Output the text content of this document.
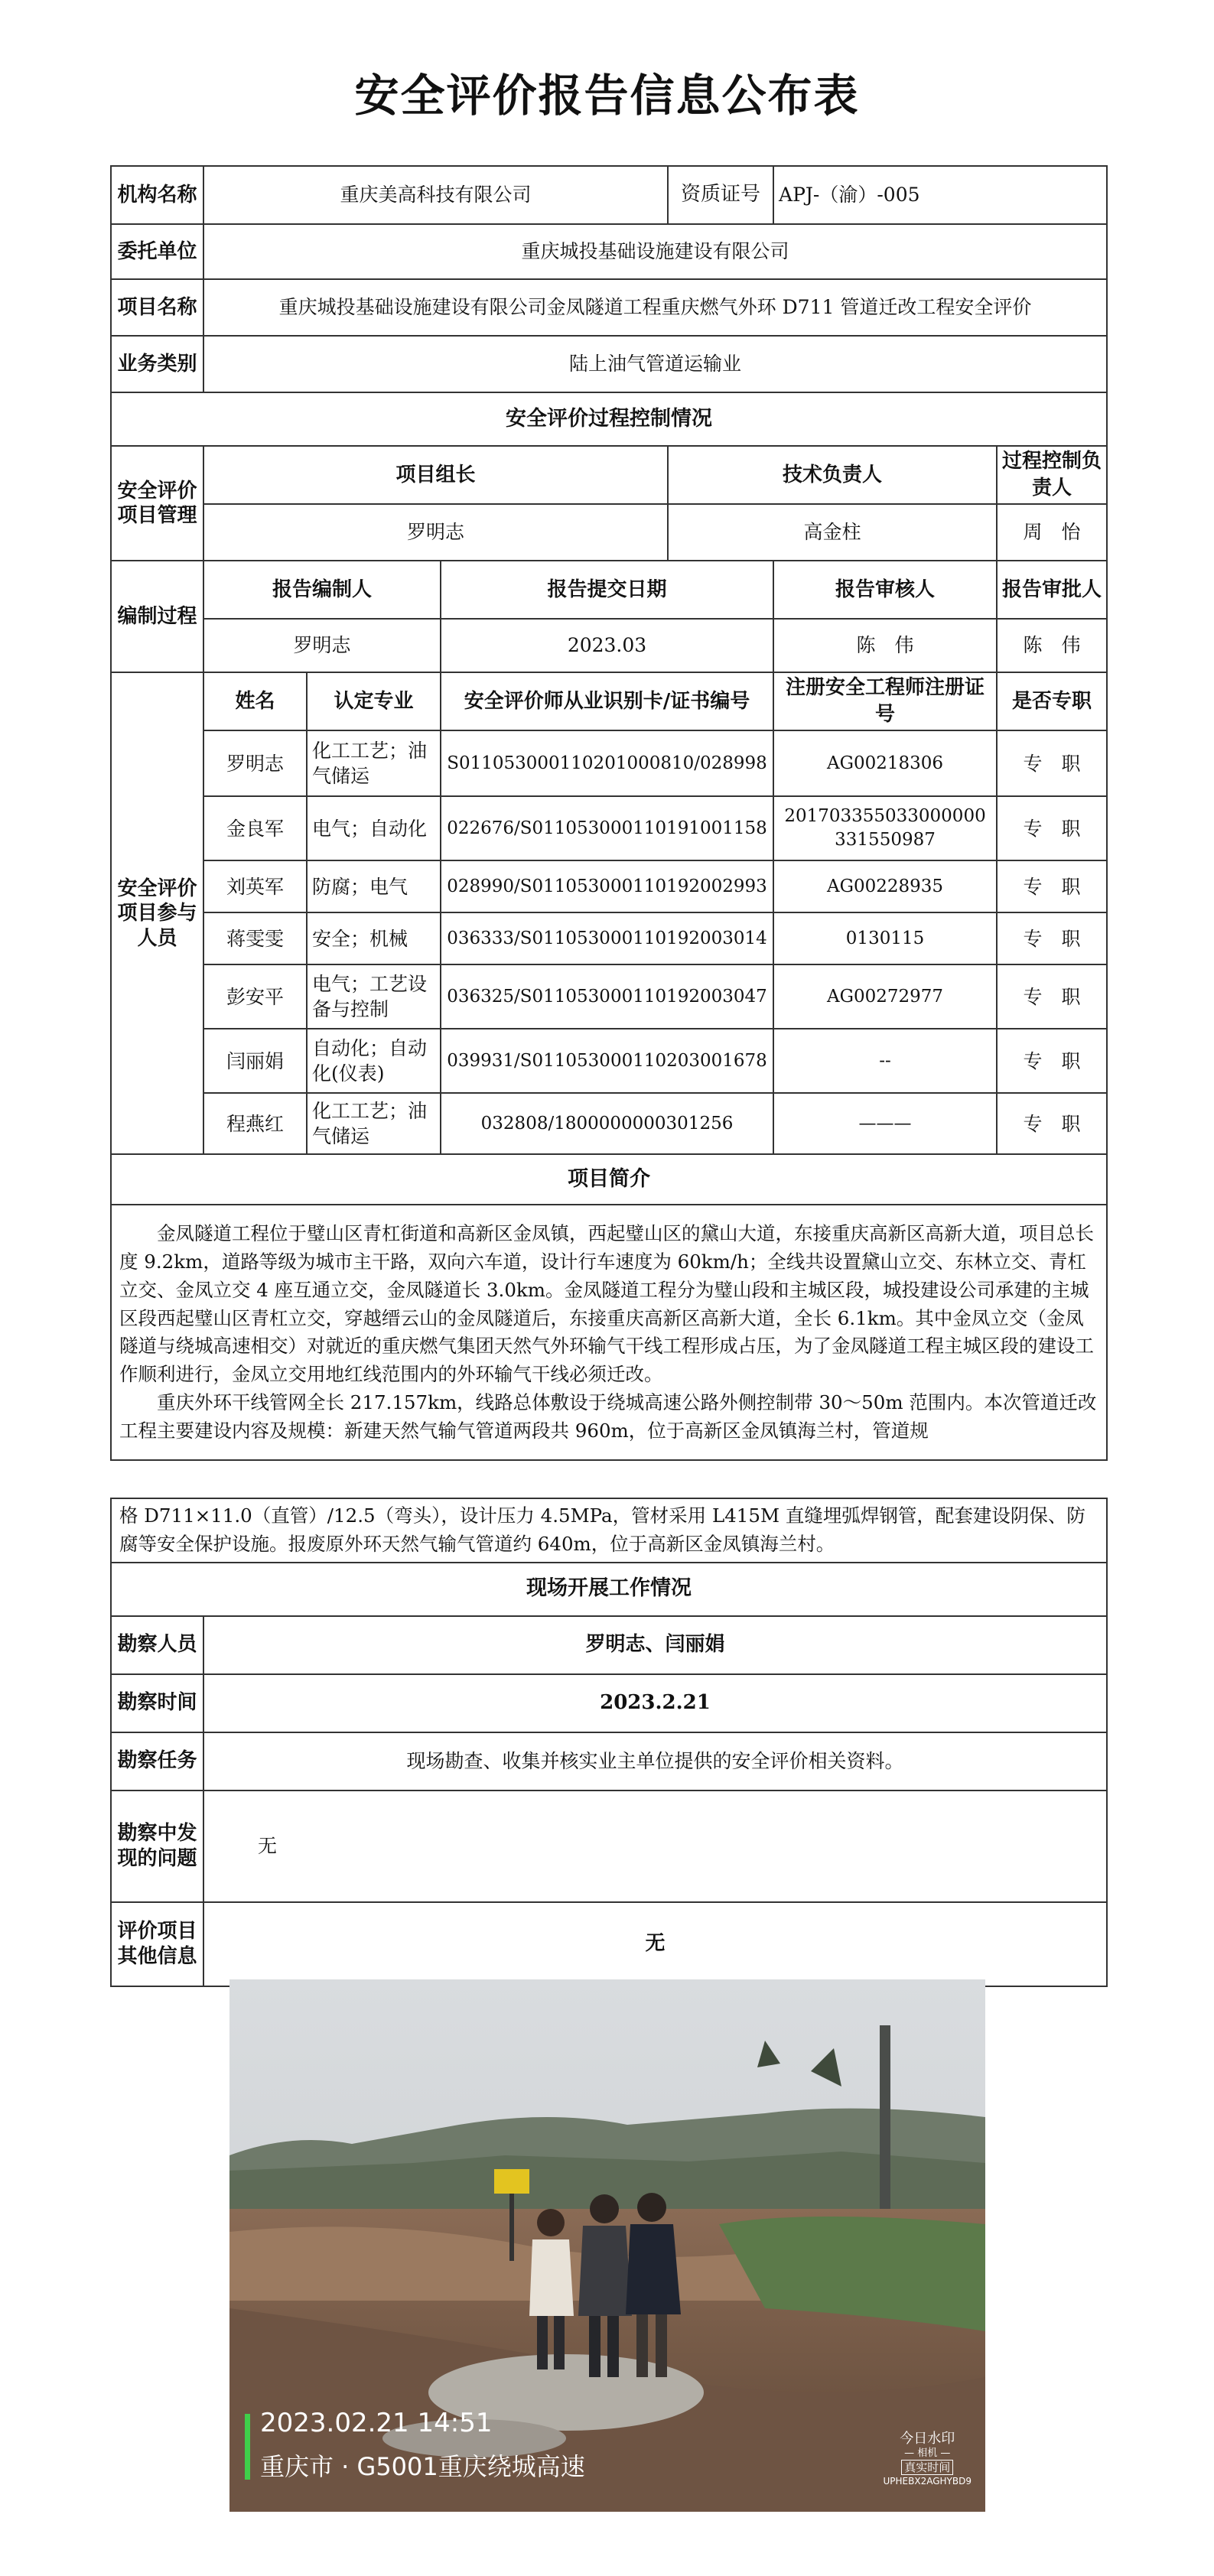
安全评价报告信息公布表
机构名称	重庆美高科技有限公司			资质证号	APJ-（渝）-005	
委托单位	重庆城投基础设施建设有限公司					
项目名称	重庆城投基础设施建设有限公司金凤隧道工程重庆燃气外环 D711 管道迁改工程安全评价					
业务类别	陆上油气管道运输业					
安全评价过程控制情况						
安全评价项目管理	项目组长			技术负责人		过程控制负责人
	罗明志			高金柱		周　怡
编制过程	报告编制人		报告提交日期		报告审核人	报告审批人
	罗明志		2023.03		陈　伟	陈　伟
安全评价项目参与人员	姓名	认定专业	安全评价师从业识别卡/证书编号		注册安全工程师注册证号	是否专职
	罗明志	化工工艺；油气储运	S011053000110201000810/028998		AG00218306	专　职
	金良军	电气；自动化	022676/S011053000110191001158		201703355033000000331550987	专　职
	刘英军	防腐；电气	028990/S011053000110192002993		AG00228935	专　职
	蒋雯雯	安全；机械	036333/S011053000110192003014		0130115	专　职
	彭安平	电气；工艺设备与控制	036325/S011053000110192003047		AG00272977	专　职
	闫丽娟	自动化；自动化(仪表)	039931/S011053000110203001678		--	专　职
	程燕红	化工工艺；油气储运	032808/1800000000301256		———	专　职
项目简介						

金凤隧道工程位于璧山区青杠街道和高新区金凤镇，西起璧山区的黛山大道，东接重庆高新区高新大道，项目总长度 9.2km，道路等级为城市主干路，双向六车道，设计行车速度为 60km/h；全线共设置黛山立交、东林立交、青杠立交、金凤立交 4 座互通立交，金凤隧道长 3.0km。金凤隧道工程分为璧山段和主城区段，城投建设公司承建的主城区段西起璧山区青杠立交，穿越缙云山的金凤隧道后，东接重庆高新区高新大道，全长 6.1km。其中金凤立交（金凤隧道与绕城高速相交）对就近的重庆燃气集团天然气外环输气干线工程形成占压，为了金凤隧道工程主城区段的建设工作顺利进行，金凤立交用地红线范围内的外环输气干线必须迁改。

重庆外环干线管网全长 217.157km，线路总体敷设于绕城高速公路外侧控制带 30～50m 范围内。本次管道迁改工程主要建设内容及规模：新建天然气输气管道两段共 960m，位于高新区金凤镇海兰村，管道规						

格 D711×11.0（直管）/12.5（弯头），设计压力 4.5MPa，管材采用 L415M 直缝埋弧焊钢管，配套建设阴保、防腐等安全保护设施。报废原外环天然气输气管道约 640m，位于高新区金凤镇海兰村。	
现场开展工作情况	
勘察人员	罗明志、闫丽娟
勘察时间	2023.2.21
勘察任务	现场勘查、收集并核实业主单位提供的安全评价相关资料。
勘察中发现的问题	无
评价项目其他信息	无
2023.02.21 14:51
重庆市 · G5001重庆绕城高速
今日水印
— 相机 —
真实时间
UPHEBX2AGHYBD9
